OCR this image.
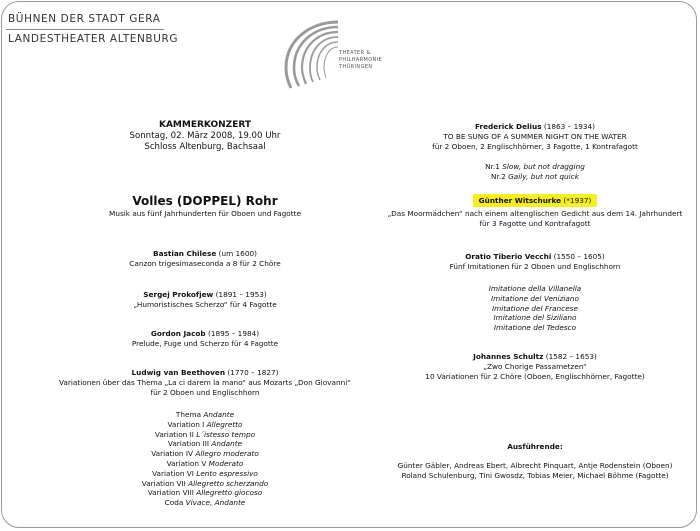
BÜHNEN DER STADT GERA
LANDESTHEATER ALTENBURG
THEATER &
PHILHARMONIE
THÜRINGEN
KAMMERKONZERT
Sonntag, 02. März 2008, 19.00 Uhr
Schloss Altenburg, Bachsaal
Volles (DOPPEL) Rohr
Musik aus fünf Jahrhunderten für Oboen und Fagotte
Bastian Chilese (um 1600)
Canzon trigesimaseconda a 8 für 2 Chöre
Sergej Prokofjew (1891 – 1953)
„Humoristisches Scherzo“ für 4 Fagotte
Gordon Jacob (1895 – 1984)
Prelude, Fuge und Scherzo für 4 Fagotte
Ludwig van Beethoven (1770 – 1827)
Variationen über das Thema „La ci darem la mano“ aus Mozarts „Don Giovanni“
für 2 Oboen und Englischhorn
Thema Andante
Variation I Allegretto
Variation II L´istesso tempo
Variation III Andante
Variation IV Allegro moderato
Variation V Moderato
Variation VI Lento espressivo
Variation VII Allegretto scherzando
Variation VIII Allegretto giocoso
Coda Vivace, Andante
Frederick Delius (1863 – 1934)
TO BE SUNG OF A SUMMER NIGHT ON THE WATER
für 2 Oboen, 2 Englischhörner, 3 Fagotte, 1 Kontrafagott
Nr.1 Slow, but not dragging
Nr.2 Gaily, but not quick
Günther Witschurke (*1937)
„Das Moormädchen“ nach einem altenglischen Gedicht aus dem 14. Jahrhundert
für 3 Fagotte und Kontrafagott
Oratio Tiberio Vecchi (1550 – 1605)
Fünf Imitationen für 2 Oboen und Englischhorn
Imitatione della Villanella
Imitatione del Veniziano
Imitatione del Francese
Imitatione del Siziliano
Imitatione del Tedesco
Johannes Schultz (1582 – 1653)
„Zwo Chorige Passametzen“
10 Variationen für 2 Chöre (Oboen, Englischhörner, Fagotte)
Ausführende:
Günter Gäbler, Andreas Ebert, Albrecht Pinquart, Antje Rodenstein (Oboen)
Roland Schulenburg, Tini Gwosdz, Tobias Meier, Michael Böhme (Fagotte)
